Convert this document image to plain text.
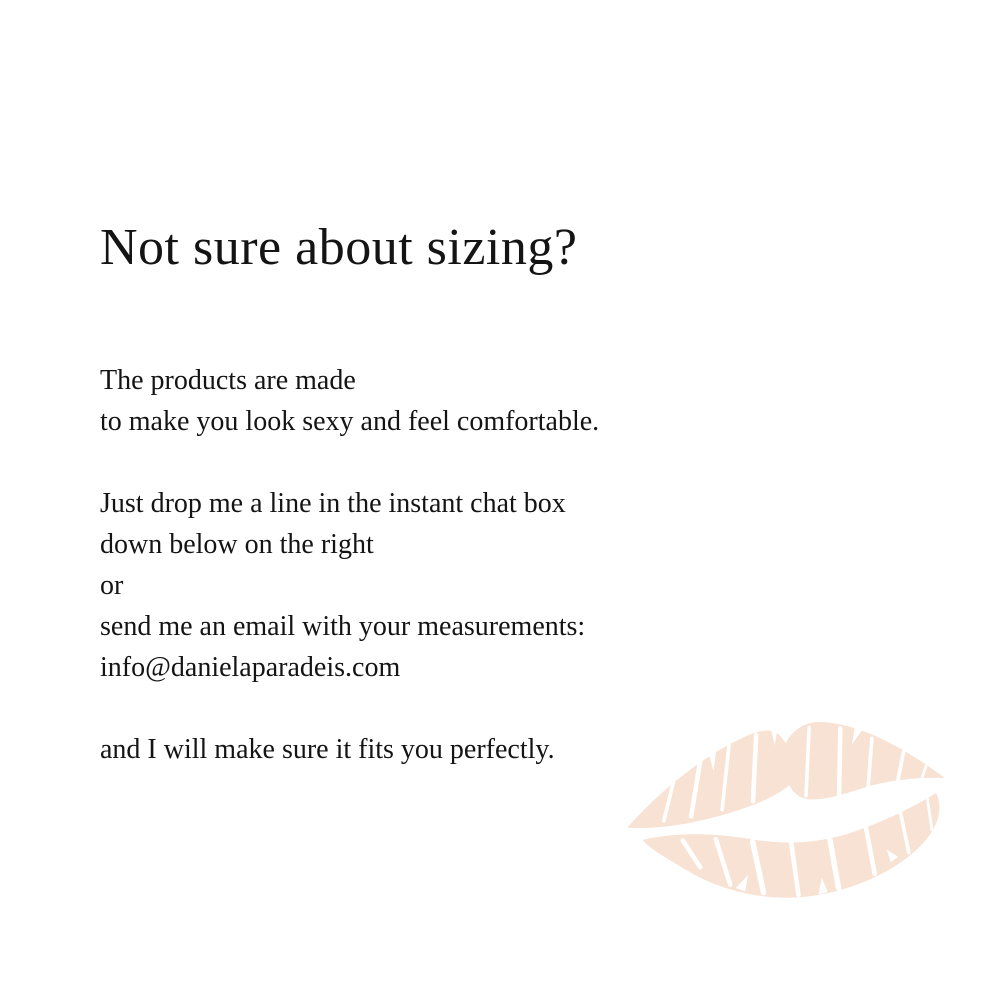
Not sure about sizing?

The products are made
to make you look sexy and feel comfortable.

Just drop me a line in the instant chat box
down below on the right
or
send me an email with your measurements:
info@danielaparadeis.com

and I will make sure it fits you perfectly.
